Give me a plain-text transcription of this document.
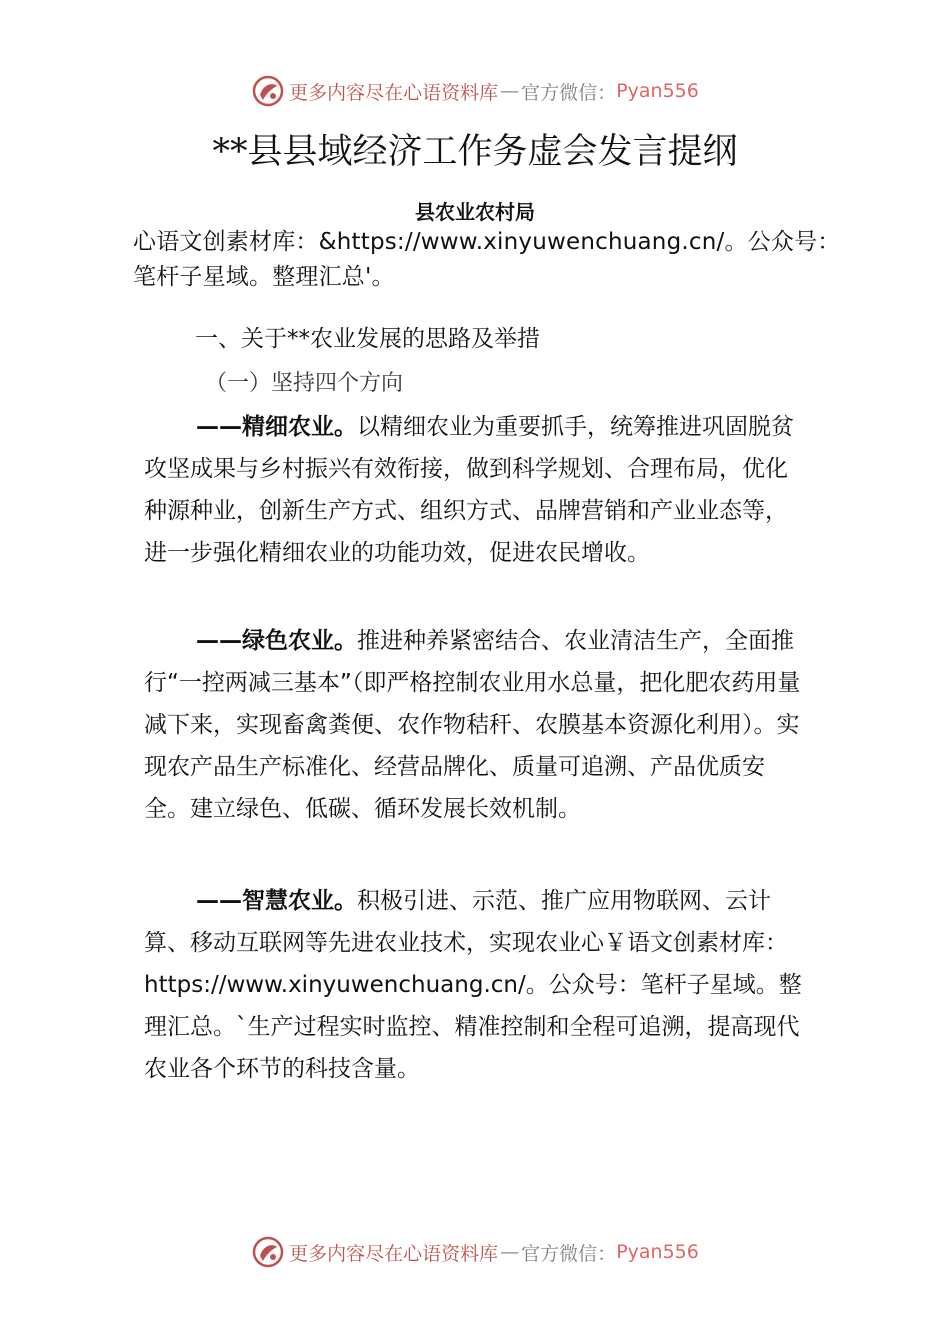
更多内容尽在心语资料库 — 官方微信： Pyan556
**县县域经济工作务虚会发言提纲
县农业农村局
心语文创素材库：&https://www.xinyuwenchuang.cn/。公众号：笔杆子星域。整理汇总'。
一、关于**农业发展的思路及举措
（一）坚持四个方向

——精细农业。以精细农业为重要抓手，统筹推进巩固脱贫攻坚成果与乡村振兴有效衔接，做到科学规划、合理布局，优化种源种业，创新生产方式、组织方式、品牌营销和产业业态等，进一步强化精细农业的功能功效，促进农民增收。

——绿色农业。推进种养紧密结合、农业清洁生产，全面推行“一控两减三基本”（即严格控制农业用水总量，把化肥农药用量减下来，实现畜禽粪便、农作物秸秆、农膜基本资源化利用）。实现农产品生产标准化、经营品牌化、质量可追溯、产品优质安全。建立绿色、低碳、循环发展长效机制。

——智慧农业。积极引进、示范、推广应用物联网、云计算、移动互联网等先进农业技术，实现农业心￥语文创素材库：https://www.xinyuwenchuang.cn/。公众号：笔杆子星域。整理汇总。`生产过程实时监控、精准控制和全程可追溯，提高现代农业各个环节的科技含量。

更多内容尽在心语资料库 — 官方微信： Pyan556
